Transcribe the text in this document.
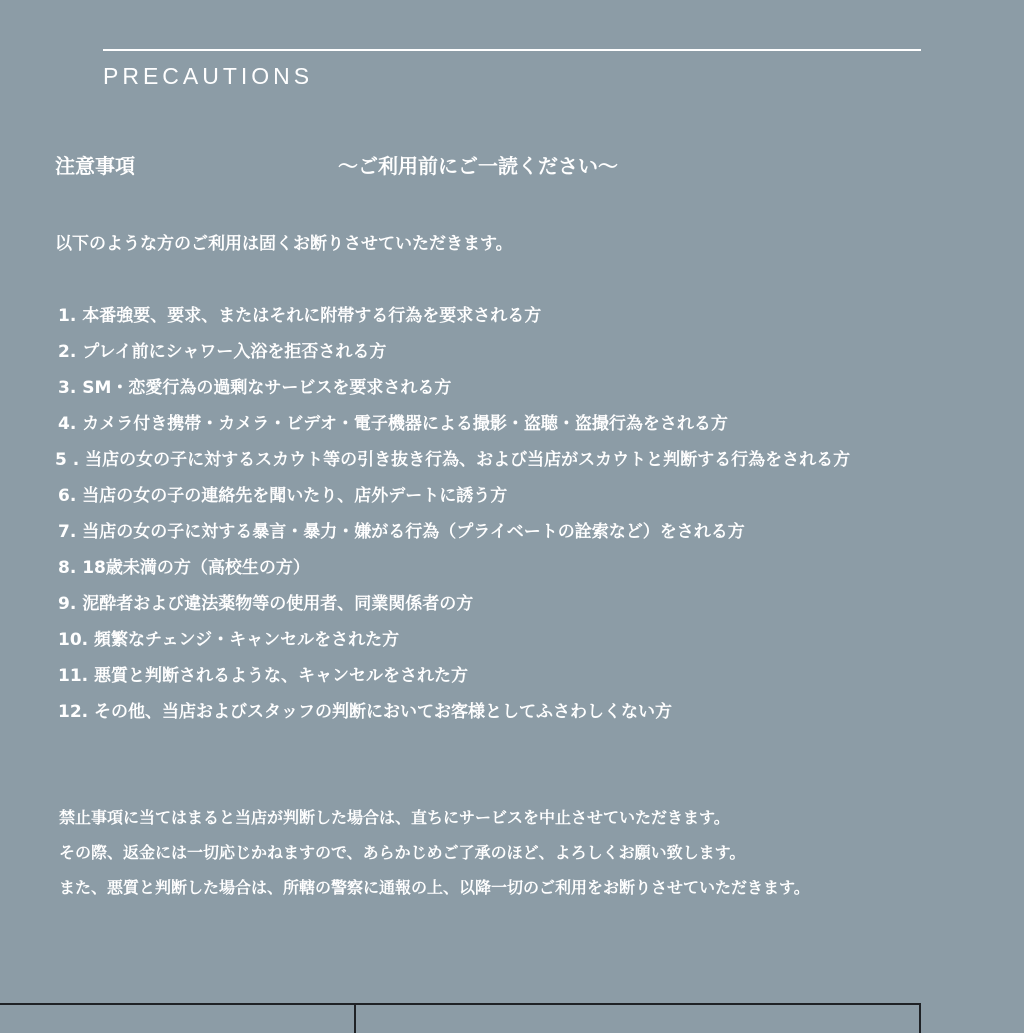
PRECAUTIONS
注意事項	～ご利用前にご一読ください～
以下のような方のご利用は固くお断りさせていただきます。
1. 本番強要、要求、またはそれに附帯する行為を要求される方
2. プレイ前にシャワー入浴を拒否される方
3. SM・恋愛行為の過剰なサービスを要求される方
4. カメラ付き携帯・カメラ・ビデオ・電子機器による撮影・盗聴・盗撮行為をされる方
5 . 当店の女の子に対するスカウト等の引き抜き行為、および当店がスカウトと判断する行為をされる方
6. 当店の女の子の連絡先を聞いたり、店外デートに誘う方
7. 当店の女の子に対する暴言・暴力・嫌がる行為（プライベートの詮索など）をされる方
8. 18歳未満の方（高校生の方）
9. 泥酔者および違法薬物等の使用者、同業関係者の方
10. 頻繁なチェンジ・キャンセルをされた方
11. 悪質と判断されるような、キャンセルをされた方
12. その他、当店およびスタッフの判断においてお客様としてふさわしくない方

禁止事項に当てはまると当店が判断した場合は、直ちにサービスを中止させていただきます。

その際、返金には一切応じかねますので、あらかじめご了承のほど、よろしくお願い致します。

また、悪質と判断した場合は、所轄の警察に通報の上、以降一切のご利用をお断りさせていただきます。
